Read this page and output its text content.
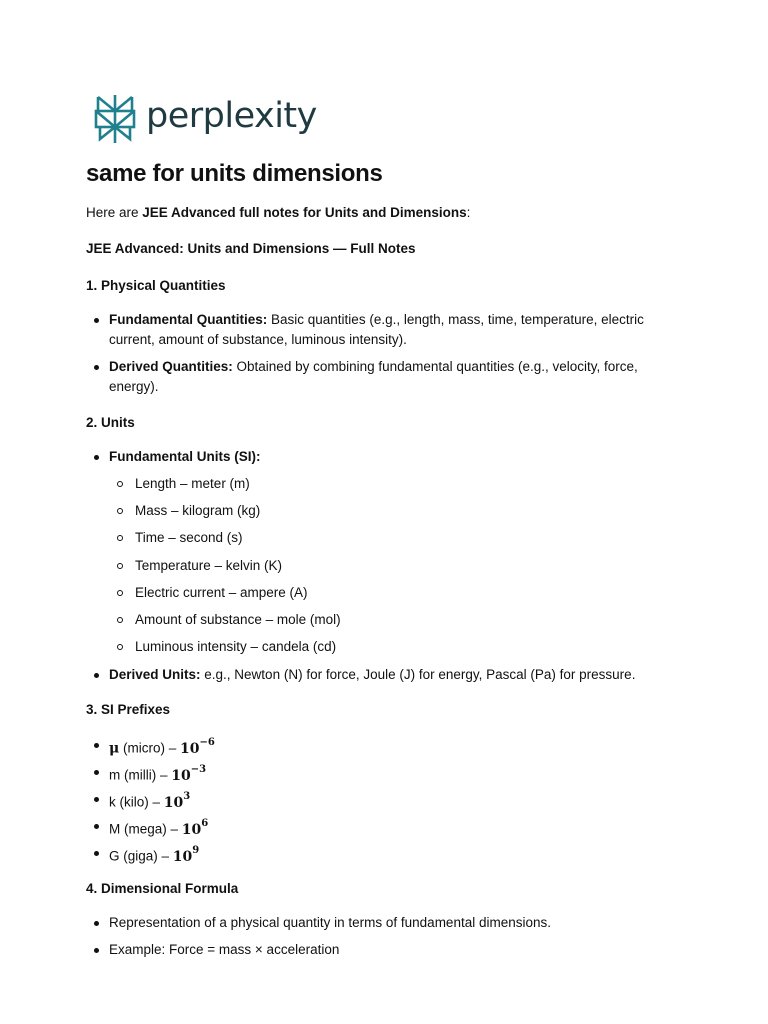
perplexity
same for units dimensions

Here are JEE Advanced full notes for Units and Dimensions:

JEE Advanced: Units and Dimensions — Full Notes

1. Physical Quantities

Fundamental Quantities: Basic quantities (e.g., length, mass, time, temperature, electric current, amount of substance, luminous intensity).
Derived Quantities: Obtained by combining fundamental quantities (e.g., velocity, force, energy).

2. Units

Fundamental Units (SI):
Length – meter (m)
Mass – kilogram (kg)
Time – second (s)
Temperature – kelvin (K)
Electric current – ampere (A)
Amount of substance – mole (mol)
Luminous intensity – candela (cd)
Derived Units: e.g., Newton (N) for force, Joule (J) for energy, Pascal (Pa) for pressure.

3. SI Prefixes

μ (micro) – $10^{-6}$
m (milli) – $10^{-3}$
k (kilo) – $10^3$
M (mega) – $10^6$
G (giga) – $10^9$

4. Dimensional Formula

Representation of a physical quantity in terms of fundamental dimensions.
Example: Force = mass × acceleration
